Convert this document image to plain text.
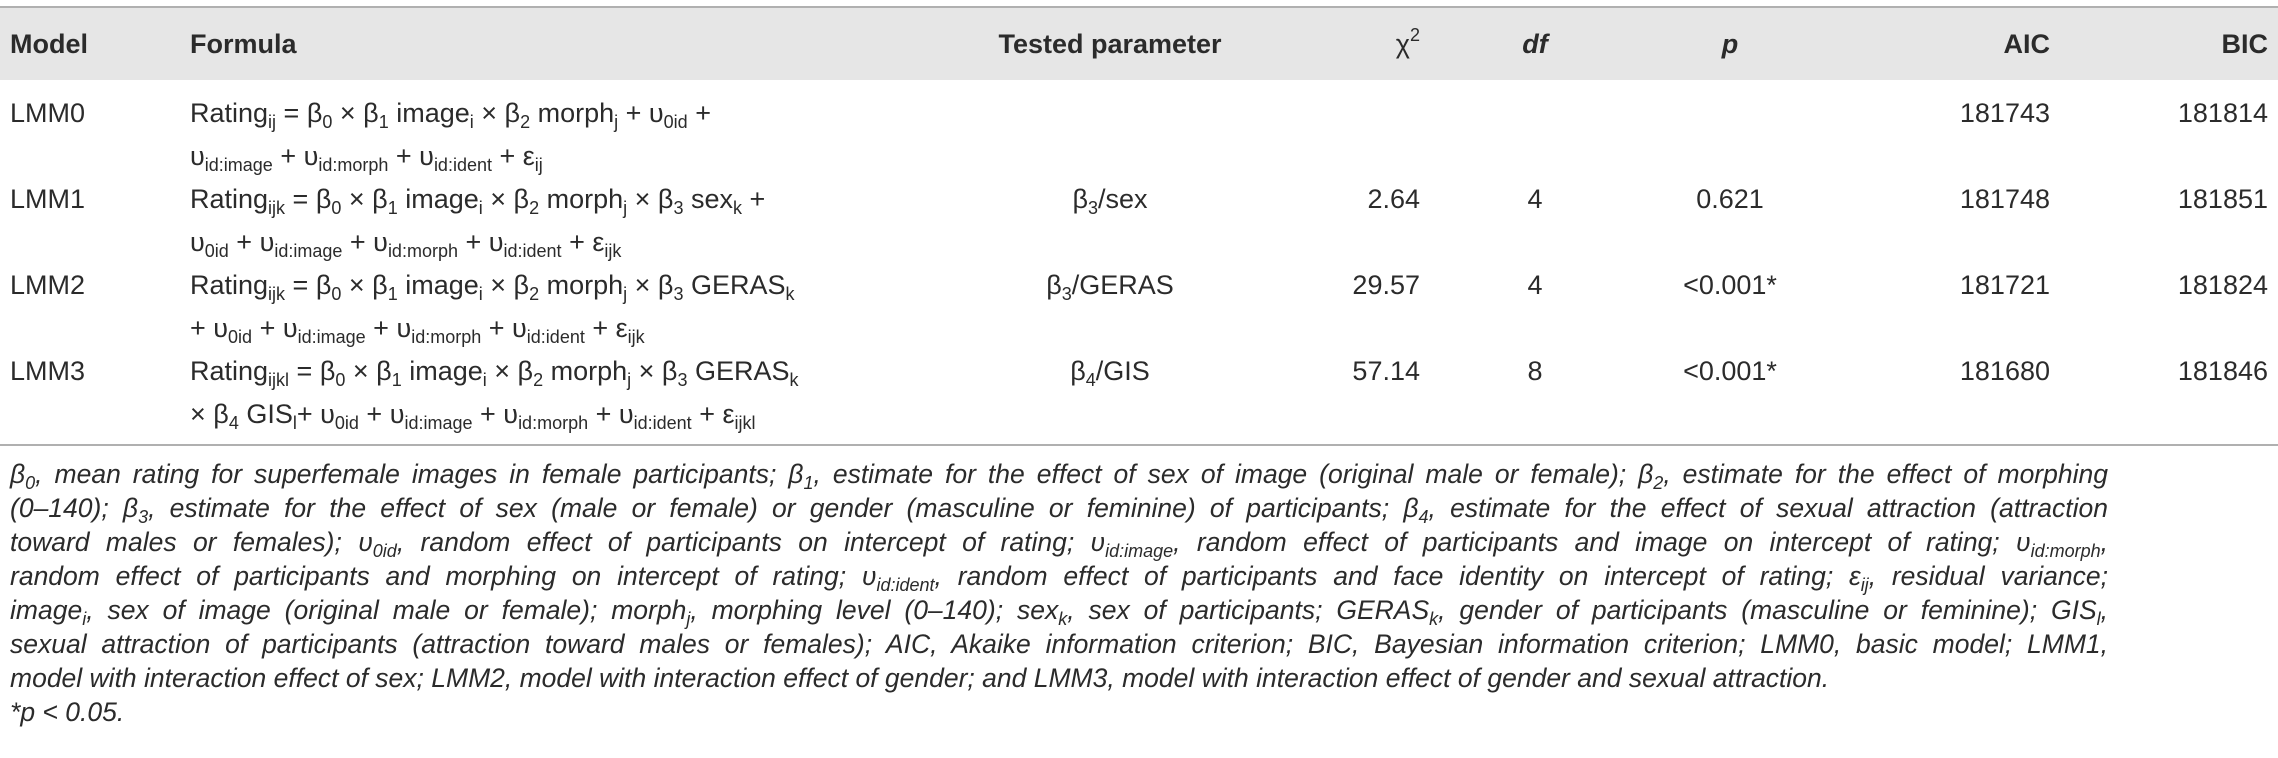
Model	Formula	Tested parameter	$\chi^2$	df	p	AIC	BIC
LMM0	Rating$_{ij}$ = $\beta_0 \times \beta_1$ image$_i$ × $\beta_2$ morph$_j$ + $\upsilon_{0id}$ +
$\upsilon_{id:image} + \upsilon_{id:morph} + \upsilon_{id:ident} + \varepsilon_{ij}$					181743	181814
LMM1	Rating$_{ijk}$ = $\beta_0 \times \beta_1$ image$_i$ × $\beta_2$ morph$_j$ × $\beta_3$ sex$_k$ +
$\upsilon_{0id} + \upsilon_{id:image} + \upsilon_{id:morph} + \upsilon_{id:ident} + \varepsilon_{ijk}$	$\beta_3$/sex	2.64	4	0.621	181748	181851
LMM2	Rating$_{ijk}$ = $\beta_0 \times \beta_1$ image$_i$ × $\beta_2$ morph$_j$ × $\beta_3$ $GERAS_k$
+ $\upsilon_{0id} + \upsilon_{id:image} + \upsilon_{id:morph} + \upsilon_{id:ident} + \varepsilon_{ijk}$	$\beta_3$/GERAS	29.57	4	<0.001*	181721	181824
LMM3	Rating$_{ijkl}$ = $\beta_0 \times \beta_1$ image$_i$ × $\beta_2$ morph$_j$ × $\beta_3$ $GERAS_k$
× $\beta_4$ $GIS_l+ \upsilon_{0id} + \upsilon_{id:image} + \upsilon_{id:morph} + \upsilon_{id:ident} + \varepsilon_{ijkl}$	$\beta_4$/GIS	57.14	8	<0.001*	181680	181846
$\beta_0$, mean rating for superfemale images in female participants; $\beta_1$, estimate for the effect of sex of image (original male or female); $\beta_2$, estimate for the effect of morphing
(0–140); $\beta_3$, estimate for the effect of sex (male or female) or gender (masculine or feminine) of participants; $\beta_4$, estimate for the effect of sexual attraction (attraction
toward males or females); $\upsilon_{0id}$, random effect of participants on intercept of rating; $\upsilon_{id:image}$, random effect of participants and image on intercept of rating; $\upsilon_{id:morph}$,
random effect of participants and morphing on intercept of rating; $\upsilon_{id:ident}$, random effect of participants and face identity on intercept of rating; $\varepsilon_{ij}$, residual variance;
image$_i$, sex of image (original male or female); morph$_j$, morphing level (0–140); sex$_k$, sex of participants; $GERAS_k$, gender of participants (masculine or feminine); $GIS_l$,
sexual attraction of participants (attraction toward males or females); AIC, Akaike information criterion; BIC, Bayesian information criterion; LMM0, basic model; LMM1,
model with interaction effect of sex; LMM2, model with interaction effect of gender; and LMM3, model with interaction effect of gender and sexual attraction.
*p < 0.05.
